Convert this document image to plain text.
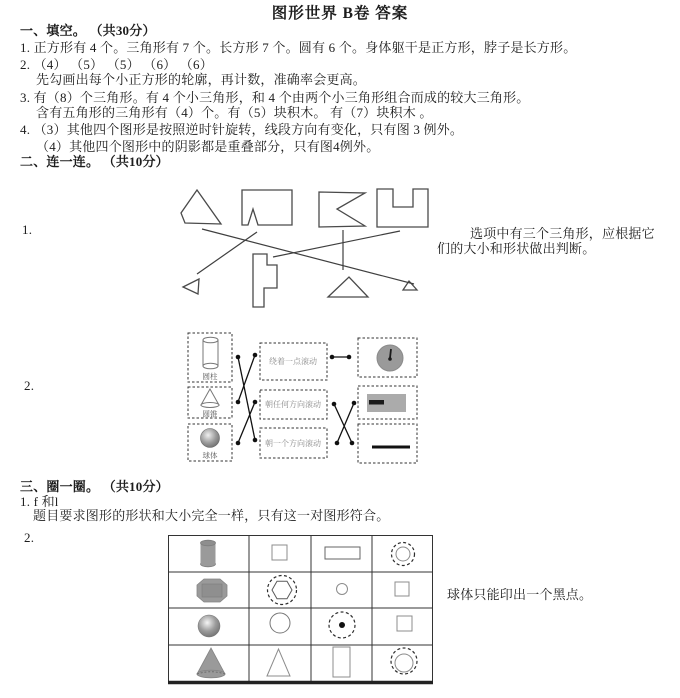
图形世界 B卷 答案
一、填空。 （共30分）
1. 正方形有 4 个。三角形有 7 个。长方形 7 个。圆有 6 个。身体躯干是正方形，脖子是长方形。
2. （4） （5） （5） （6） （6）
先勾画出每个小正方形的轮廓，再计数，准确率会更高。
3. 有（8）个三角形。有 4 个小三角形，和 4 个由两个小三角形组合而成的较大三角形。
含有五角形的三角形有（4）个。有（5）块积木。 有（7）块积木 。
4. （3）其他四个图形是按照逆时针旋转，线段方向有变化，只有图 3 例外。
（4）其他四个图形中的阴影都是重叠部分，只有图4例外。
二、连一连。 （共10分）
1.	选项中有三个三角形，应根据它
们的大小和形状做出判断。
2.
圆柱
圆锥
球体
绕着一点滚动
朝任何方向滚动
朝一个方向滚动
三、圈一圈。 （共10分）
1. f 和l
题目要求图形的形状和大小完全一样，只有这一对图形符合。
2.
球体只能印出一个黑点。
